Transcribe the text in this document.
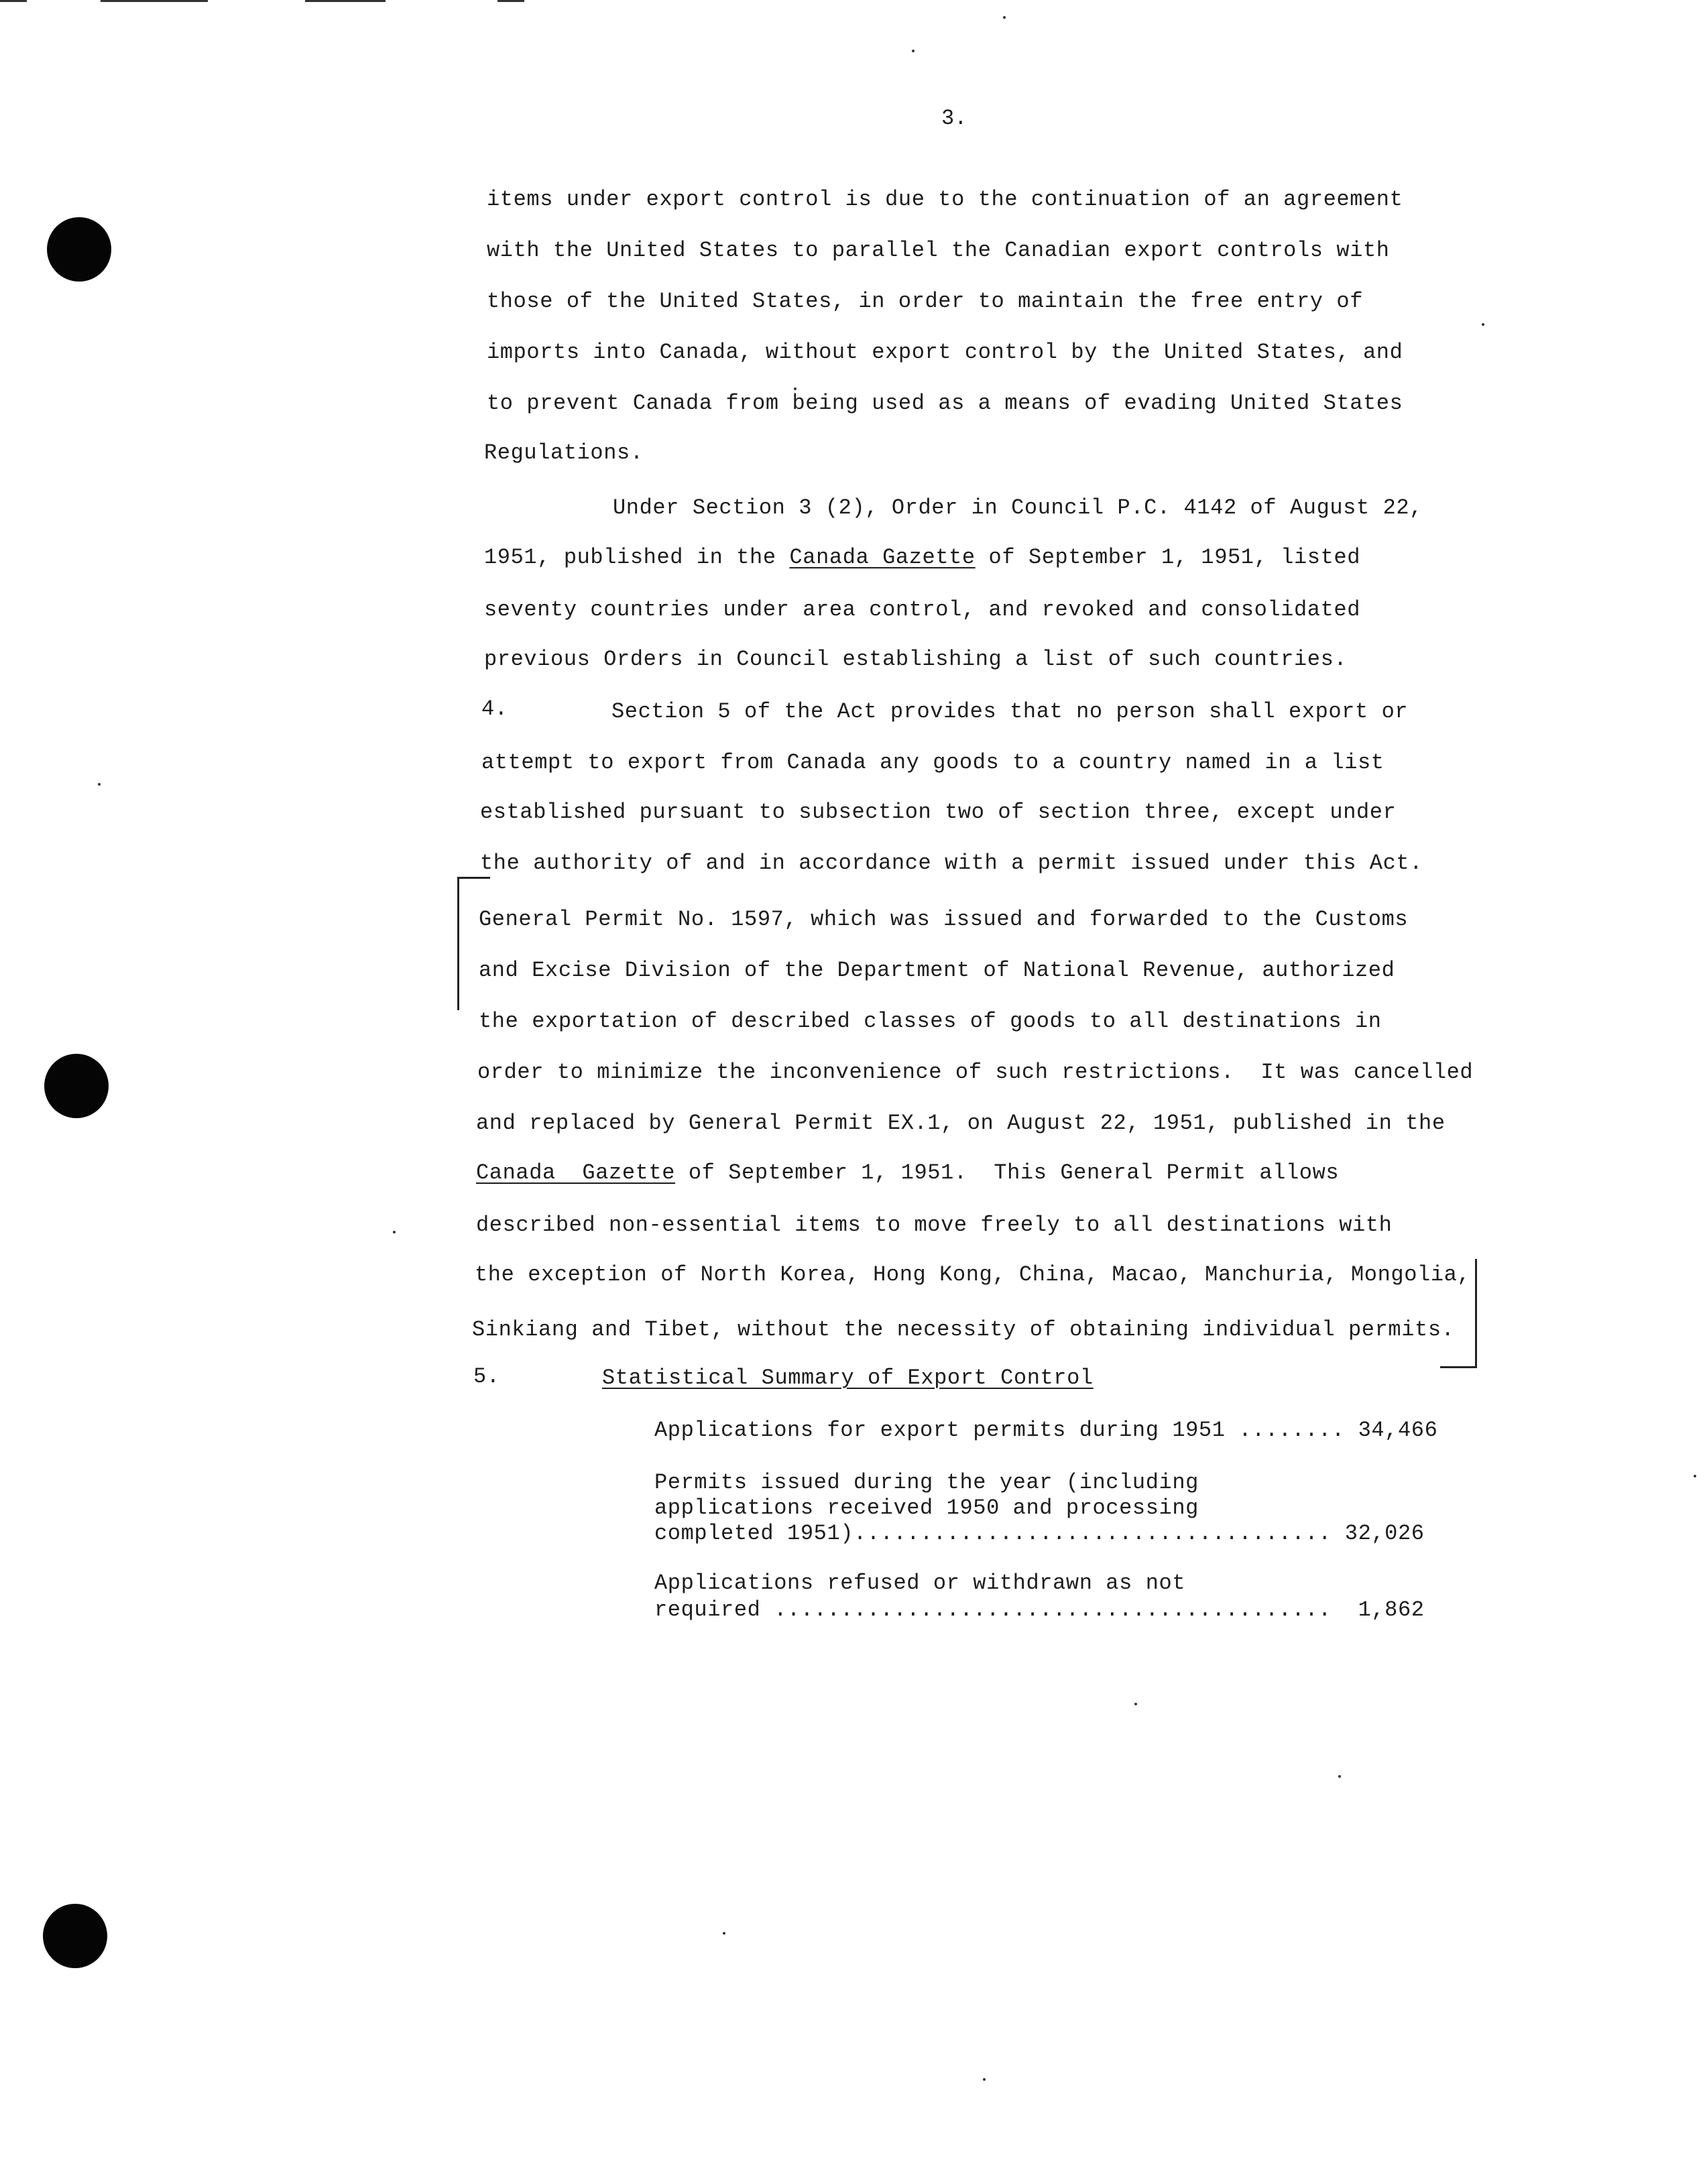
3.
items under export control is due to the continuation of an agreement
with the United States to parallel the Canadian export controls with
those of the United States, in order to maintain the free entry of
imports into Canada, without export control by the United States, and
to prevent Canada from being used as a means of evading United States
Regulations.
Under Section 3 (2), Order in Council P.C. 4142 of August 22,
1951, published in the Canada Gazette of September 1, 1951, listed
seventy countries under area control, and revoked and consolidated
previous Orders in Council establishing a list of such countries.
4.	Section 5 of the Act provides that no person shall export or
attempt to export from Canada any goods to a country named in a list
established pursuant to subsection two of section three, except under
the authority of and in accordance with a permit issued under this Act.
General Permit No. 1597, which was issued and forwarded to the Customs
and Excise Division of the Department of National Revenue, authorized
the exportation of described classes of goods to all destinations in
order to minimize the inconvenience of such restrictions.  It was cancelled
and replaced by General Permit EX.1, on August 22, 1951, published in the
Canada  Gazette of September 1, 1951.  This General Permit allows
described non-essential items to move freely to all destinations with
the exception of North Korea, Hong Kong, China, Macao, Manchuria, Mongolia,
Sinkiang and Tibet, without the necessity of obtaining individual permits.
5.	Statistical Summary of Export Control
Applications for export permits during 1951 ........ 34,466
Permits issued during the year (including
applications received 1950 and processing
completed 1951).................................... 32,026
Applications refused or withdrawn as not
required ..........................................  1,862
